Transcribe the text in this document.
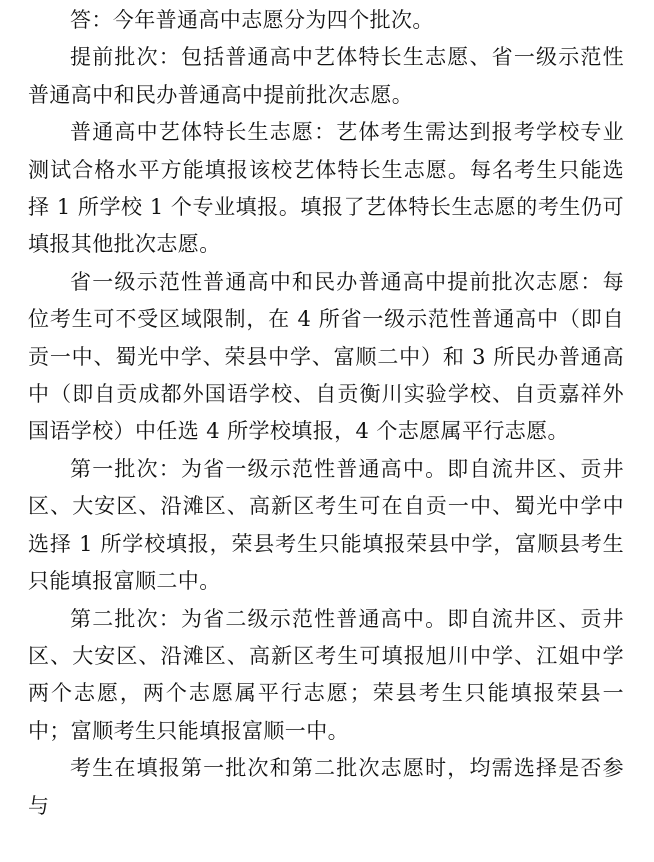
答：今年普通高中志愿分为四个批次。

提前批次：包括普通高中艺体特长生志愿、省一级示范性普通高中和民办普通高中提前批次志愿。

普通高中艺体特长生志愿：艺体考生需达到报考学校专业测试合格水平方能填报该校艺体特长生志愿。每名考生只能选择 1 所学校 1 个专业填报。填报了艺体特长生志愿的考生仍可填报其他批次志愿。

省一级示范性普通高中和民办普通高中提前批次志愿：每位考生可不受区域限制，在 4 所省一级示范性普通高中（即自贡一中、蜀光中学、荣县中学、富顺二中）和 3 所民办普通高中（即自贡成都外国语学校、自贡衡川实验学校、自贡嘉祥外国语学校）中任选 4 所学校填报，4 个志愿属平行志愿。

第一批次：为省一级示范性普通高中。即自流井区、贡井区、大安区、沿滩区、高新区考生可在自贡一中、蜀光中学中选择 1 所学校填报，荣县考生只能填报荣县中学，富顺县考生只能填报富顺二中。

第二批次：为省二级示范性普通高中。即自流井区、贡井区、大安区、沿滩区、高新区考生可填报旭川中学、江姐中学两个志愿，两个志愿属平行志愿；荣县考生只能填报荣县一中；富顺考生只能填报富顺一中。

考生在填报第一批次和第二批次志愿时，均需选择是否参与
